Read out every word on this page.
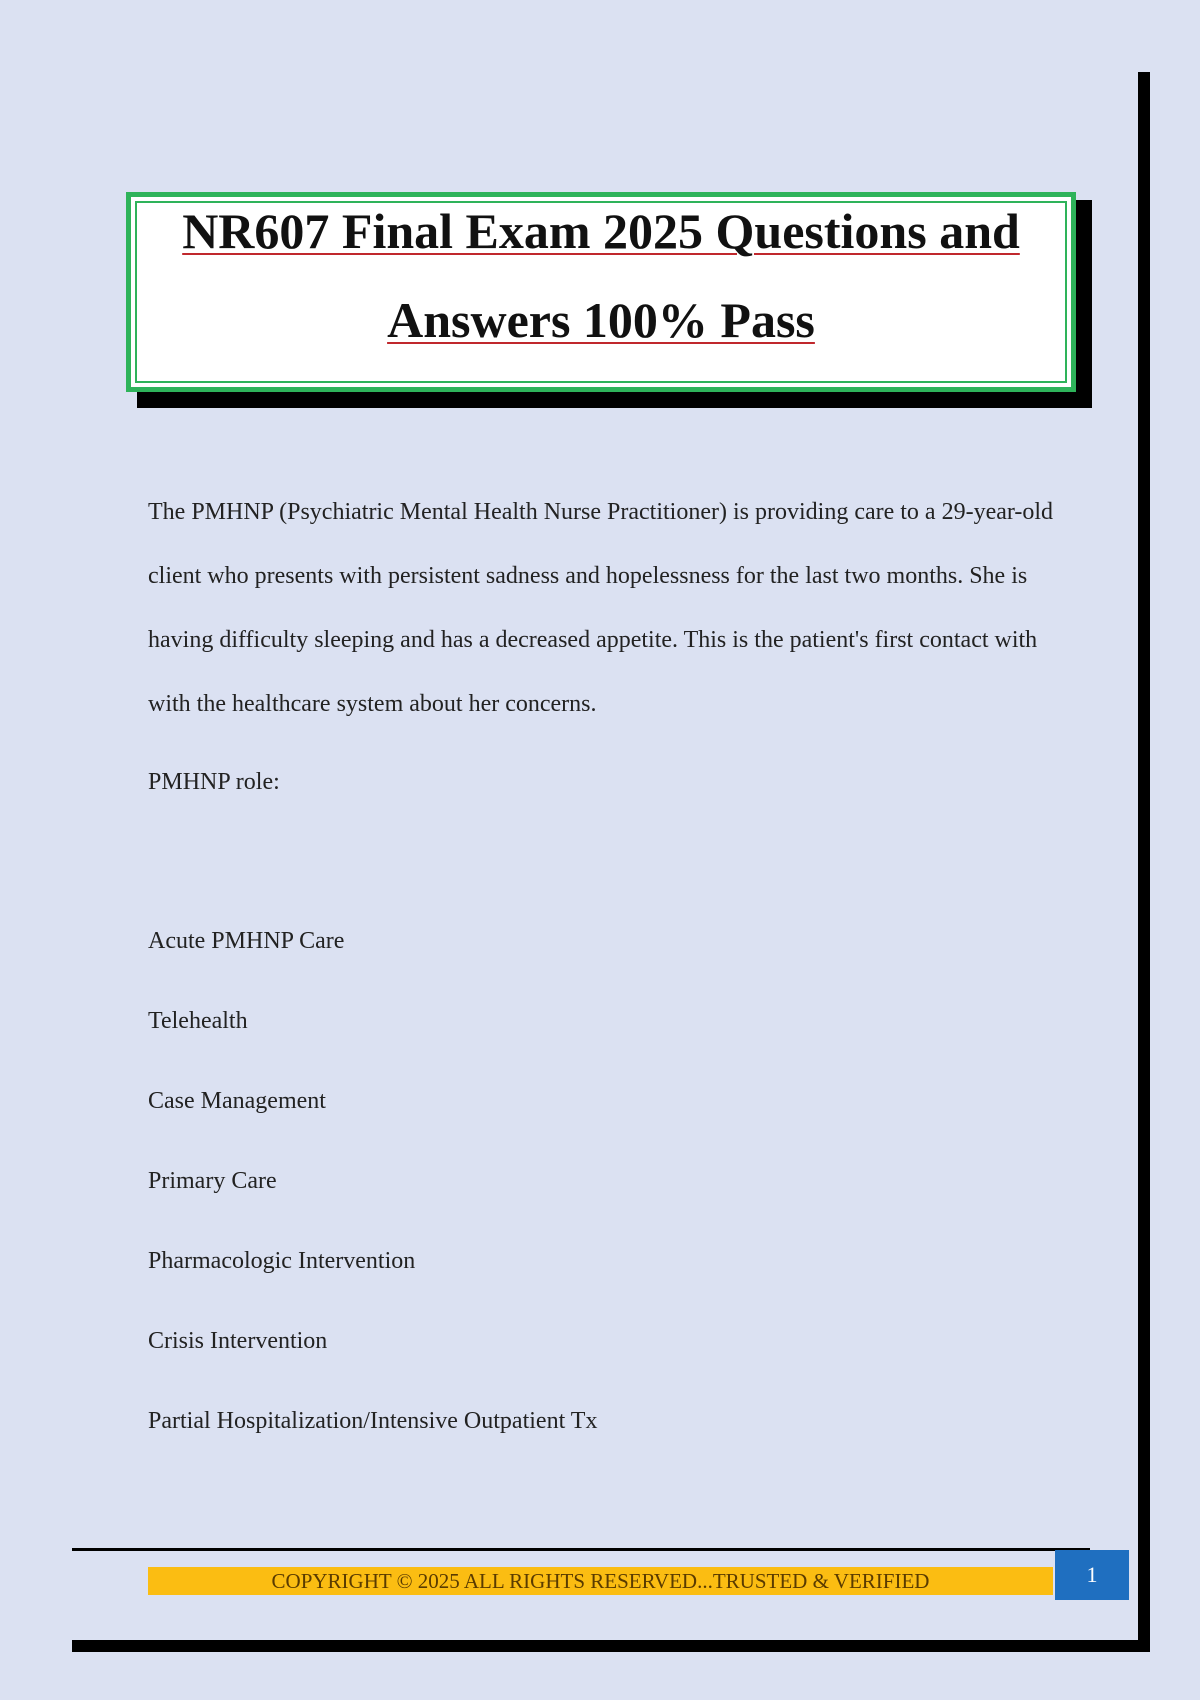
NR607 Final Exam 2025 Questions and
Answers 100% Pass
The PMHNP (Psychiatric Mental Health Nurse Practitioner) is providing care to a 29-year-old client who presents with persistent sadness and hopelessness for the last two months. She is having difficulty sleeping and has a decreased appetite. This is the patient's first contact with with the healthcare system about her concerns.
PMHNP role:
Acute PMHNP Care
Telehealth
Case Management
Primary Care
Pharmacologic Intervention
Crisis Intervention
Partial Hospitalization/Intensive Outpatient Tx
COPYRIGHT © 2025 ALL RIGHTS RESERVED...TRUSTED & VERIFIED	1
